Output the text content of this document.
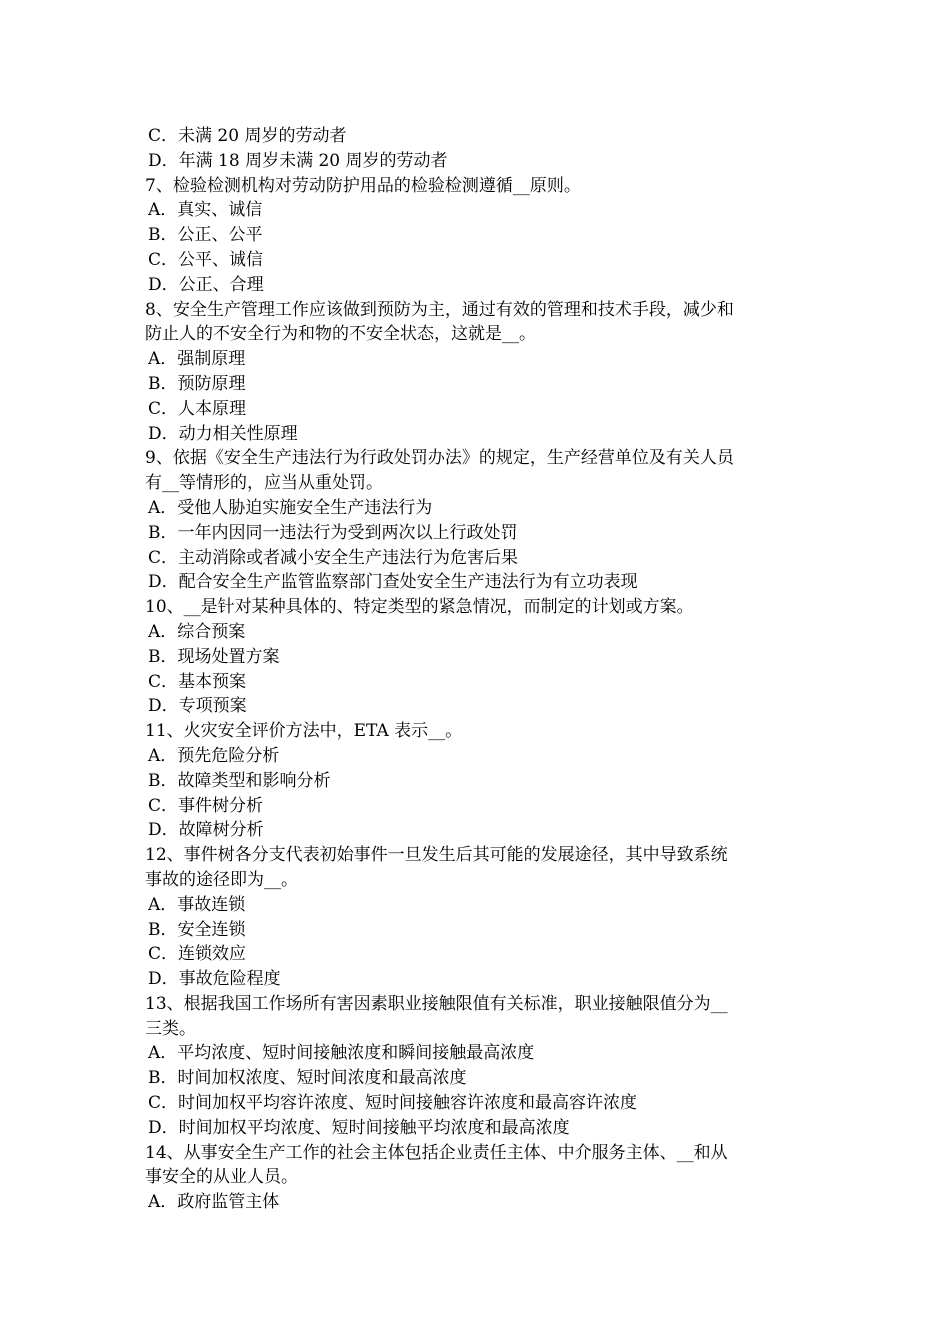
C．未满 20 周岁的劳动者

D．年满 18 周岁未满 20 周岁的劳动者

7、检验检测机构对劳动防护用品的检验检测遵循__原则。

A．真实、诚信

B．公正、公平

C．公平、诚信

D．公正、合理

8、安全生产管理工作应该做到预防为主，通过有效的管理和技术手段，减少和

防止人的不安全行为和物的不安全状态，这就是__。

A．强制原理

B．预防原理

C．人本原理

D．动力相关性原理

9、依据《安全生产违法行为行政处罚办法》的规定，生产经营单位及有关人员

有__等情形的，应当从重处罚。

A．受他人胁迫实施安全生产违法行为

B．一年内因同一违法行为受到两次以上行政处罚

C．主动消除或者减小安全生产违法行为危害后果

D．配合安全生产监管监察部门查处安全生产违法行为有立功表现

10、__是针对某种具体的、特定类型的紧急情况，而制定的计划或方案。

A．综合预案

B．现场处置方案

C．基本预案

D．专项预案

11、火灾安全评价方法中，ETA 表示__。

A．预先危险分析

B．故障类型和影响分析

C．事件树分析

D．故障树分析

12、事件树各分支代表初始事件一旦发生后其可能的发展途径，其中导致系统

事故的途径即为__。

A．事故连锁

B．安全连锁

C．连锁效应

D．事故危险程度

13、根据我国工作场所有害因素职业接触限值有关标准，职业接触限值分为__

三类。

A．平均浓度、短时间接触浓度和瞬间接触最高浓度

B．时间加权浓度、短时间浓度和最高浓度

C．时间加权平均容许浓度、短时间接触容许浓度和最高容许浓度

D．时间加权平均浓度、短时间接触平均浓度和最高浓度

14、从事安全生产工作的社会主体包括企业责任主体、中介服务主体、__和从

事安全的从业人员。

A．政府监管主体
